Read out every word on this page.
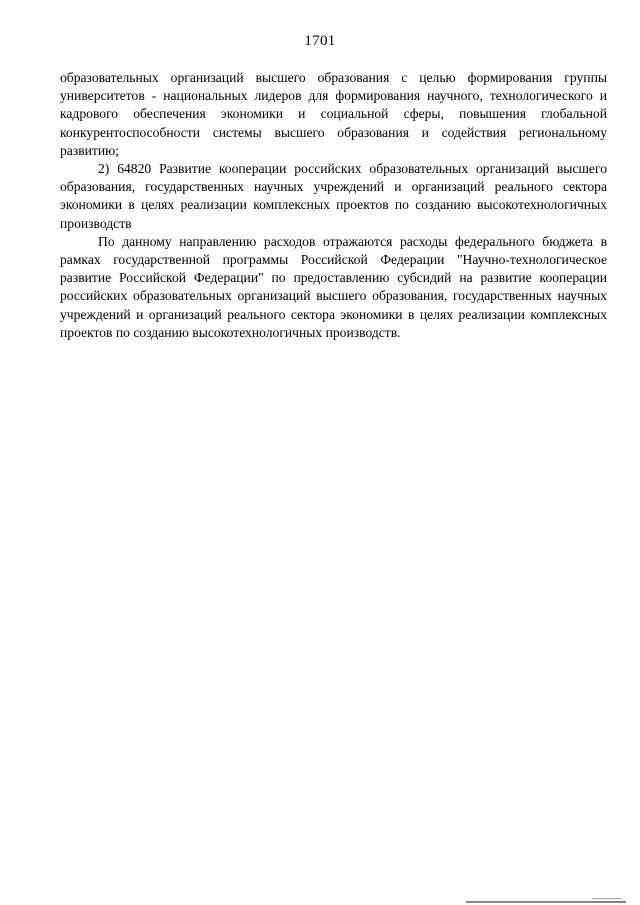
1701

образовательных организаций высшего образования с целью формирования группы университетов - национальных лидеров для формирования научного, технологического и кадрового обеспечения экономики и социальной сферы, повышения глобальной конкурентоспособности системы высшего образования и содействия региональному развитию;

2) 64820 Развитие кооперации российских образовательных организаций высшего образования, государственных научных учреждений и организаций реального сектора экономики в целях реализации комплексных проектов по созданию высокотехнологичных производств

По данному направлению расходов отражаются расходы федерального бюджета в рамках государственной программы Российской Федерации "Научно-технологическое развитие Российской Федерации" по предоставлению субсидий на развитие кооперации российских образовательных организаций высшего образования, государственных научных учреждений и организаций реального сектора экономики в целях реализации комплексных проектов по созданию высокотехнологичных производств.
